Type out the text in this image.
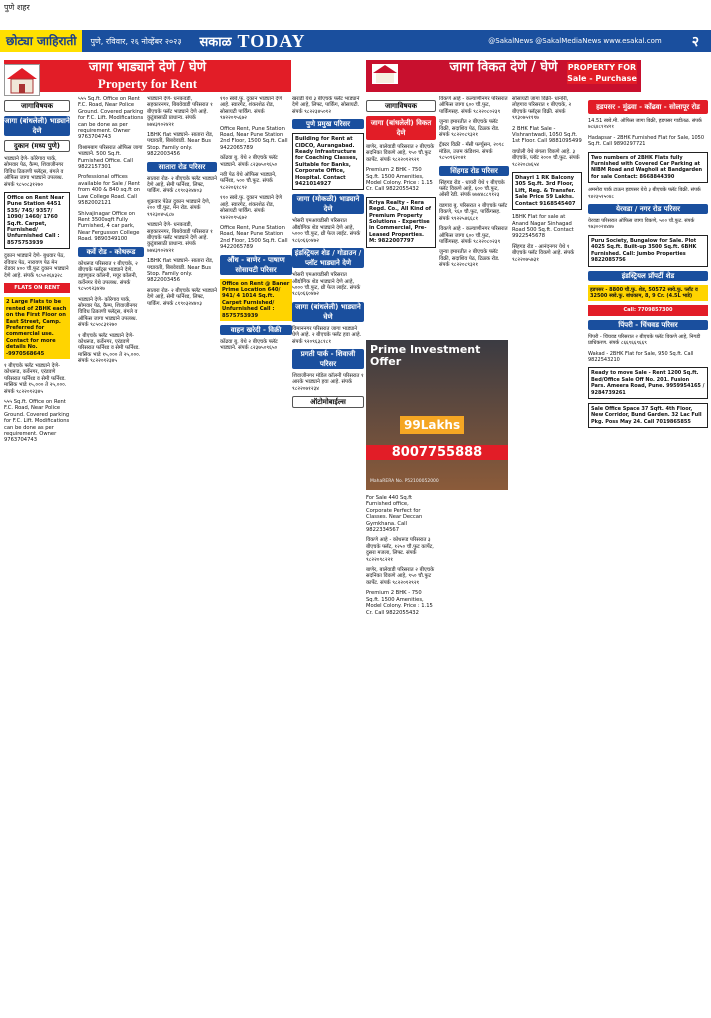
पुणे शहर
छोट्या जाहिराती	पुणे, रविवार, २६ नोव्हेंबर २०२३ सकाळ TODAY	@SakalNews @SakalMediaNews www.esakal.com २
जागा भाड्याने देणे / घेणे
Property for Rent
जागा विकत देणे / घेणे	PROPERTY FOR Sale - Purchase
जागाविषयक
जागा (बांधलेली) भाड्याने देणे
दुकान (मध्य पुणे)
भाड्याने देणे- कोरेगाव पार्क, सोमवार पेठ, कैम्प, शिवाजीनगर विविध ठिकाणी फ्लॅट्स, बंगले व ऑफिस जागा भाड्याने उपलब्ध. संपर्क ९८५०८३१२७०
Office on Rent Near Pune Station 4451 535/ 745/ 9357/ 1090/ 1460/ 1760 Sq.ft. Carpet, Furnished/ Unfurnished Call : 8575753939
दुकान भाड्याने देणे- बुधवार पेठ, रविवार पेठ, नारायण पेठ मेन रोडवर ४०० चौ.फुट दुकान भाड्याने देणे आहे. संपर्क ९८५०२६४३२८
FLATS ON RENT
2 Large Flats to be rented of 2BHK each on the First Floor on East Street, Camp. Preferred for commercial use. Contact for more details No. -9970568645
१ बीएचके फ्लॅट भाड्याने देणे- कोथरूड, कर्वेनगर, एरंडवणे परिसरात फर्निश्ड व सेमी फर्निश्ड. मासिक भाडे १५,००० ते २५,०००. संपर्क ९८२२०१२३४५
५५५ Sq.ft. Office on Rent F.C. Road, Near Police Ground. Covered parking for F.C. Lift. Modifications can be done as per requirement. Owner 9763704743
५५५ Sq.ft. Office on Rent F.C. Road, Near Police Ground. Covered parking for F.C. Lift. Modifications can be done as per requirement. Owner 9763704743
विश्रामबाग परिसरात ऑफिस जागा भाड्याने. 500 Sq.ft. Furnished Office. Call 9822157301
Professional offices available for Sale / Rent from 400 & 840 sq.ft on Law College Road. Call 9582002121
Shivajinagar Office on Rent 3500sqft Fully Furnished, 4 car park, Near Fergusson College Road. 9890349100
कर्वे रोड - कोथरूड
कोथरूड परिसरात १ बीएचके, २ बीएचके फ्लॅट्स भाड्याने देणे. डहाणूकर कॉलनी, मयूर कॉलनी, कर्वेनगर येथे उपलब्ध. संपर्क ९८५०१२३४२७
भाड्याने देणे- कोरेगाव पार्क, सोमवार पेठ, कैम्प, शिवाजीनगर विविध ठिकाणी फ्लॅट्स, बंगले व ऑफिस जागा भाड्याने उपलब्ध. संपर्क ९८५०८३१२७०
१ बीएचके फ्लॅट भाड्याने देणे- कोथरूड, कर्वेनगर, एरंडवणे परिसरात फर्निश्ड व सेमी फर्निश्ड. मासिक भाडे १५,००० ते २५,०००. संपर्क ९८२२०१२३४५
भाड्याने देणे- धनकवडी, सहकारनगर, बिबवेवाडी परिसरात १ बीएचके फ्लॅट भाड्याने देणे आहे. कुटुंबासाठी प्राधान्य. संपर्क ७७४३९०२४२१
1BHK flat भाड्याने- सातारा रोड, पद्मावती, बिबवेवाडी. Near Bus Stop. Family only. 9822003456
सातारा रोड परिसर
सातारा रोड- २ बीएचके फ्लॅट भाड्याने देणे आहे, सेमी फर्निश्ड, लिफ्ट, पार्किंग. संपर्क ८१९०३२४४०३
शुक्रवार पेठेत दुकान भाड्याने देणे, २०० चौ.फुट, मेन रोड. संपर्क ९९२३०४५६८७
भाड्याने देणे- धनकवडी, सहकारनगर, बिबवेवाडी परिसरात १ बीएचके फ्लॅट भाड्याने देणे आहे. कुटुंबासाठी प्राधान्य. संपर्क ७७४३९०२४२१
1BHK flat भाड्याने- सातारा रोड, पद्मावती, बिबवेवाडी. Near Bus Stop. Family only. 9822003456
सातारा रोड- २ बीएचके फ्लॅट भाड्याने देणे आहे, सेमी फर्निश्ड, लिफ्ट, पार्किंग. संपर्क ८१९०३२४४०३
११० स्क्वे.फु. दुकान भाड्याने देणे आहे. स्वारगेट, शंकरशेठ रोड, सोसायटी पार्किंग. संपर्क ९४२२०९५६७२
Office Rent, Pune Station Road, Near Pune Station 2nd Floor, 1500 Sq.ft. Call 9422065789
कोंढवा बु. येथे २ बीएचके फ्लॅट भाड्याने. संपर्क ८२३७५०९६५०
नवी पेठ येथे ऑफिस भाड्याने, फर्निश्ड, ५०० चौ.फुट. संपर्क ९८२२०६१८९२
११० स्क्वे.फु. दुकान भाड्याने देणे आहे. स्वारगेट, शंकरशेठ रोड, सोसायटी पार्किंग. संपर्क ९४२२०९५६७२
Office Rent, Pune Station Road, Near Pune Station 2nd Floor, 1500 Sq.ft. Call 9422065789
औंध - बाणेर - पाषाण सोसायटी परिसर
Office on Rent @ Baner Prime Location 640/ 941/ 4 1014 Sq.ft. Carpet Furnished/ Unfurnished Call : 8575753939
वाहन खरेदी - विक्री
कोंढवा बु. येथे २ बीएचके फ्लॅट भाड्याने. संपर्क ८२३७५०९६५०
खराडी येथे ३ बीएचके फ्लॅट भाड्याने देणे आहे, लिफ्ट, पार्किंग, सोसायटी. संपर्क ९८२२३४५०१२
पुणे प्रमुख परिसर
Building for Rent at CIDCO, Aurangabad. Ready Infrastructure for Coaching Classes, Suitable for Banks, Corporate Office, Hospital. Contact 9421014927
जागा (मोकळी) भाड्याने देणे
भोसरी एमआयडीसी परिसरात औद्योगिक शेड भाड्याने देणे आहे, ५००० चौ.फुट, थ्री फेज लाईट. संपर्क ९८६०६६०४७२
इंडस्ट्रियल शेड / गोडाउन / प्लॉट भाड्याने देणे
भोसरी एमआयडीसी परिसरात औद्योगिक शेड भाड्याने देणे आहे, ५००० चौ.फुट, थ्री फेज लाईट. संपर्क ९८६०६६०४७२
जागा (बांधलेली) भाड्याने घेणे
विमाननगर परिसरात जागा भाड्याने घेणे आहे. २ बीएचके फ्लॅट हवा आहे. संपर्क ९२०९६३८१८१
प्रगती पार्क - शिवाजी परिसर
शिवाजीनगर मॉडेल कॉलनी परिसरात १ आरके भाड्याने हवा आहे. संपर्क ९८२२०७१२३४
ऑटोमोबाईल्स
जागाविषयक
जागा (बांधलेली) विकत देणे
बाणेर, बालेवाडी परिसरात २ बीएचके सदनिका विकणे आहे, ९५० चौ.फुट कार्पेट. संपर्क ९८२२०१२९२१
Premium 2 BHK - 750 Sq.ft. 1500 Amenities, Model Colony. Price : 1.15 Cr. Call 9822055432
Kriya Realty - Rera Regd. Co., All Kind of Premium Property Solutions - Expertise in Commercial, Pre-Leased Properties. M: 9822007797
Prime Investment Offer
99Lakhs
8007755888
MahaRERA No. P52100052000
For Sale 440 Sq.ft Furnished office, Corporate Perfect for Classes. Near Deccan Gymkhana. Call 9822334567
विकणे आहे - कोथरूड परिसरात ३ बीएचके फ्लॅट, १२५० चौ.फुट कार्पेट, दुसरा मजला, लिफ्ट. संपर्क ९८२२०९८२२१
बाणेर, बालेवाडी परिसरात २ बीएचके सदनिका विकणे आहे, ९५० चौ.फुट कार्पेट. संपर्क ९८२२०१२९२१
Premium 2 BHK - 750 Sq.ft. 1500 Amenities, Model Colony. Price : 1.15 Cr. Call 9822055432
विकणे आहे - कल्याणीनगर परिसरात ऑफिस जागा ६०० चौ.फुट, पार्किंगसह. संपर्क ९८२२०८०२३९
जुन्या इमारतीत २ बीएचके फ्लॅट विक्री, सदाशिव पेठ, टिळक रोड. संपर्क ९८२२०८९३२१
ट्रॅक्टर विक्री - मॅसी फर्ग्युसन, २०१८ मॉडेल, उत्तम कंडिशन. संपर्क ९८५०९६२०४१
सिंहगड रोड परिसर
सिंहगड रोड - धायरी येथे १ बीएचके फ्लॅट विकणे आहे, ६०० चौ.फुट, ओसी रेडी. संपर्क ७७४४८८९१२३
वडगाव बु. परिसरात २ बीएचके फ्लॅट विकणे, ९६० चौ.फुट, पार्किंगसह. संपर्क ९९२२५४६६८१
विकणे आहे - कल्याणीनगर परिसरात ऑफिस जागा ६०० चौ.फुट, पार्किंगसह. संपर्क ९८२२०८०२३९
जुन्या इमारतीत २ बीएचके फ्लॅट विक्री, सदाशिव पेठ, टिळक रोड. संपर्क ९८२२०८९३२१
सोसायटी जागा विक्री- धानोरी, लोहगाव परिसरात १ बीएचके, २ बीएचके फ्लॅट्स विक्री. संपर्क ९१३०७५१११७
2 BHK Flat Sale - Vishrantwadi, 1050 Sq.ft. 1st Floor. Call 9881095499
वाघोली येथे बंगला विकणे आहे. ३ बीएचके, प्लॉट २००० चौ.फुट. संपर्क ९८२२०८७६५४
Dhayri 1 RK Balcony 305 Sq.ft. 3rd Floor, Lift, Reg. & Transfer. Sale Price 59 Lakhs. Contact 9168545407
1BHK Flat for sale at Anand Nagar Sinhagad Road 500 Sq.ft. Contact 9922545678
सिंहगड रोड - आनंदनगर येथे १ बीएचके फ्लॅट विकणे आहे. संपर्क ९८२२०७५७३१
हडपसर - मुंढवा - कोंढवा - सोलापूर रोड
14.51 स्क्वे.मी. ऑफिस जागा विक्री, हडपसर गाडीतळ. संपर्क ७८६४८१२४२१
Hadapsar - 2BHK Furnished Flat for Sale, 1050 Sq.ft. Call 9890297721
Two numbers of 2BHK Flats fully Furnished with Covered Car Parking at NIBM Road and Wagholi at Bandgarden for sale Contact: 8668844390
अमनोरा पार्क टाऊन हडपसर येथे ३ बीएचके फ्लॅट विक्री. संपर्क ९४२३५१५०४८
येरवडा / नगर रोड परिसर
येरवडा परिसरात ऑफिस जागा विकणे, ५०० चौ.फुट. संपर्क ९७३००२४४४७
Puru Society, Bungalow for Sale. Plot 4025 Sq.ft. Built-up 3500 Sq.ft. 6BHK Furnished. Call: Jumbo Properties 9822085756
इंडस्ट्रियल प्रॉपर्टी शेड
हडपसर - 8800 चौ.फु. शेड, 50572 स्क्वे.फु. प्लॉट व 32500 स्क्वे.फु. बांधकाम, 8, 9 Cr. (4.5L भाडे)
Call: 7709857300
पिंपरी - चिंचवड परिसर
पिंपरी - चिंचवड परिसरात २ बीएचके फ्लॅट विकणे आहे, निगडी प्राधिकरण. संपर्क ८६६९६६९६६९
Wakad - 2BHK Flat for Sale, 950 Sq.ft. Call 9822543210
Ready to move Sale - Rent 1200 Sq.ft. Bed/Office Sale Off No. 201. Fusion Pars. Ameera Road, Pune. 9959954165 / 9284739261
Sale Office Space 37 Sqft. 4th Floor, New Corridor, Bund Garden. 32 Lac Full Pkg. Poss May 24. Call 7019865855
